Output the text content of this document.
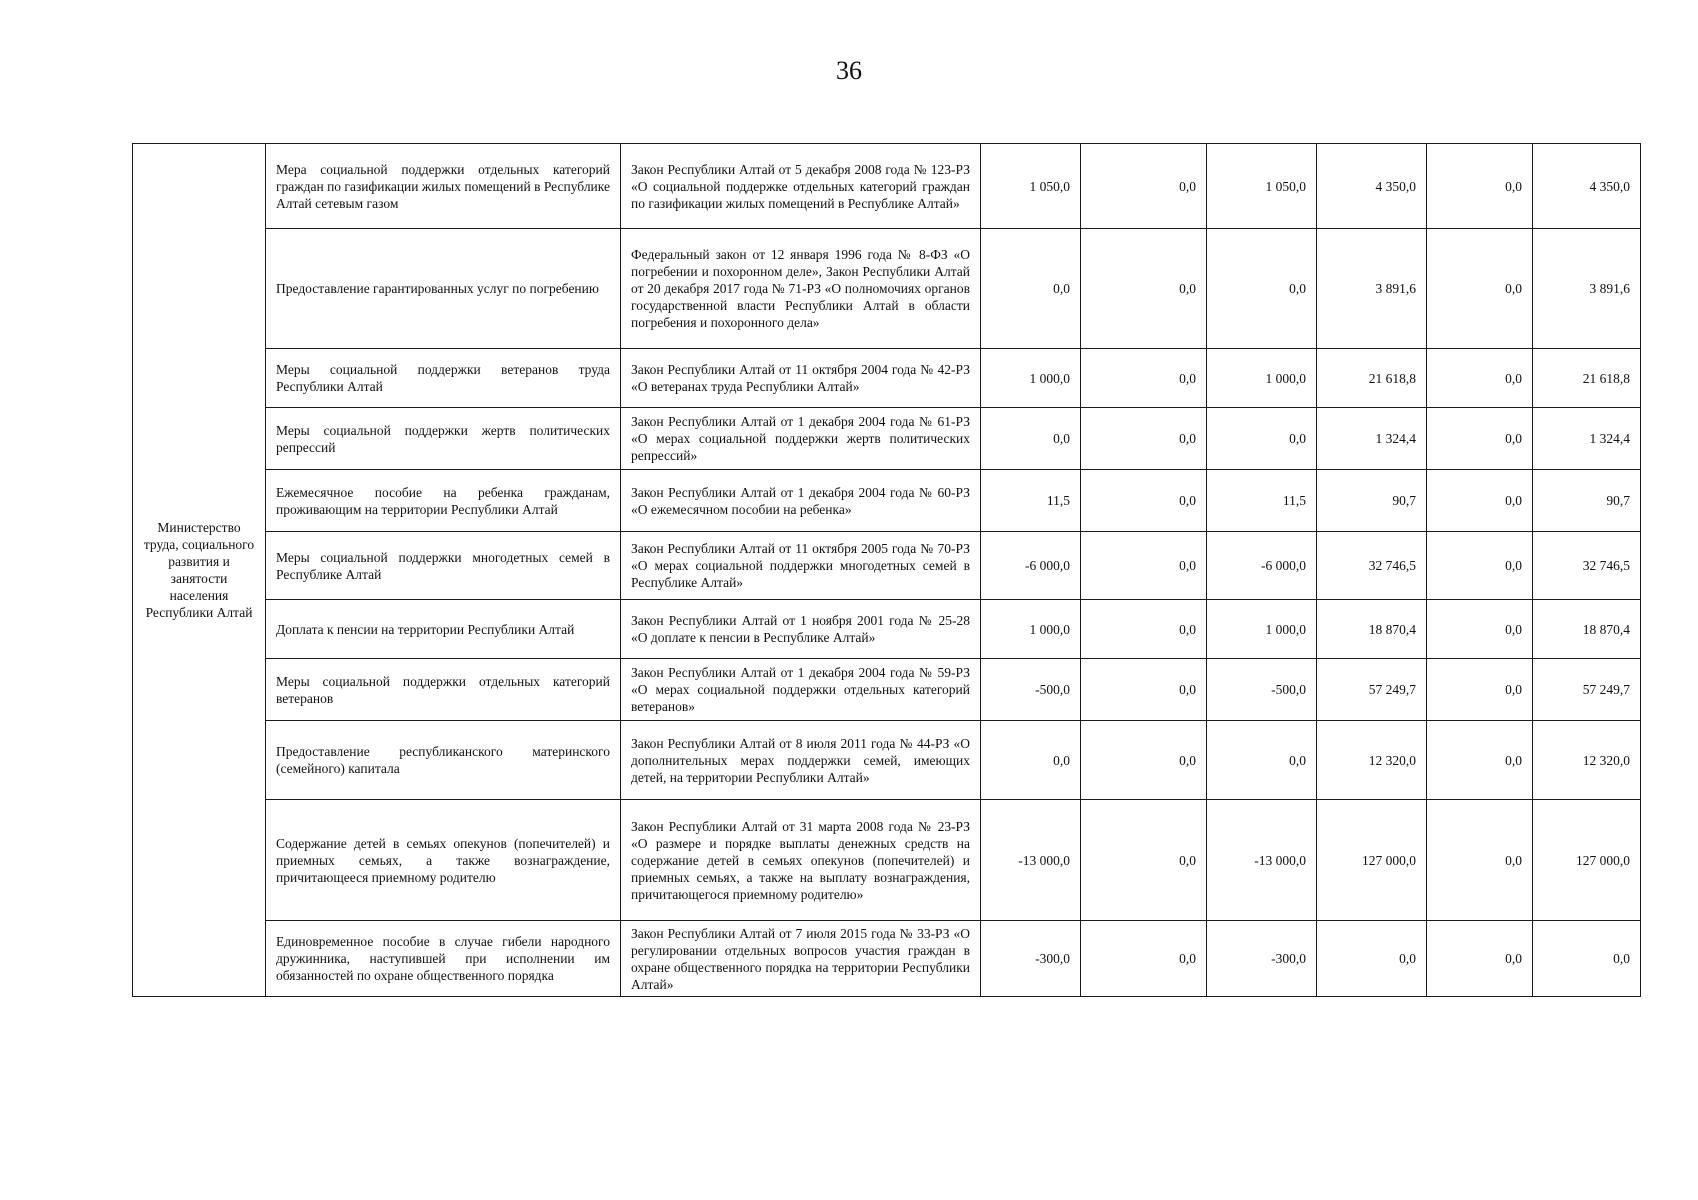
36
Министерство труда, социального развития и занятости населения Республики Алтай	Мера социальной поддержки отдельных категорий граждан по газификации жилых помещений в Республике Алтай сетевым газом	Закон Республики Алтай от 5 декабря 2008 года № 123-РЗ «О социальной поддержке отдельных категорий граждан по газификации жилых помещений в Республике Алтай»	1 050,0	0,0	1 050,0	4 350,0	0,0	4 350,0
	Предоставление гарантированных услуг по погребению	Федеральный закон от 12 января 1996 года № 8-ФЗ «О погребении и похоронном деле», Закон Республики Алтай от 20 декабря 2017 года № 71-РЗ «О полномочиях органов государственной власти Республики Алтай в области погребения и похоронного дела»	0,0	0,0	0,0	3 891,6	0,0	3 891,6
	Меры социальной поддержки ветеранов труда Республики Алтай	Закон Республики Алтай от 11 октября 2004 года № 42-РЗ «О ветеранах труда Республики Алтай»	1 000,0	0,0	1 000,0	21 618,8	0,0	21 618,8
	Меры социальной поддержки жертв политических репрессий	Закон Республики Алтай от 1 декабря 2004 года № 61-РЗ «О мерах социальной поддержки жертв политических репрессий»	0,0	0,0	0,0	1 324,4	0,0	1 324,4
	Ежемесячное пособие на ребенка гражданам, проживающим на территории Республики Алтай	Закон Республики Алтай от 1 декабря 2004 года № 60-РЗ «О ежемесячном пособии на ребенка»	11,5	0,0	11,5	90,7	0,0	90,7
	Меры социальной поддержки многодетных семей в Республике Алтай	Закон Республики Алтай от 11 октября 2005 года № 70-РЗ «О мерах социальной поддержки многодетных семей в Республике Алтай»	-6 000,0	0,0	-6 000,0	32 746,5	0,0	32 746,5
	Доплата к пенсии на территории Республики Алтай	Закон Республики Алтай от 1 ноября 2001 года № 25-28 «О доплате к пенсии в Республике Алтай»	1 000,0	0,0	1 000,0	18 870,4	0,0	18 870,4
	Меры социальной поддержки отдельных категорий ветеранов	Закон Республики Алтай от 1 декабря 2004 года № 59-РЗ «О мерах социальной поддержки отдельных категорий ветеранов»	-500,0	0,0	-500,0	57 249,7	0,0	57 249,7
	Предоставление республиканского материнского (семейного) капитала	Закон Республики Алтай от 8 июля 2011 года № 44-РЗ «О дополнительных мерах поддержки семей, имеющих детей, на территории Республики Алтай»	0,0	0,0	0,0	12 320,0	0,0	12 320,0
	Содержание детей в семьях опекунов (попечителей) и приемных семьях, а также вознаграждение, причитающееся приемному родителю	Закон Республики Алтай от 31 марта 2008 года № 23-РЗ «О размере и порядке выплаты денежных средств на содержание детей в семьях опекунов (попечителей) и приемных семьях, а также на выплату вознаграждения, причитающегося приемному родителю»	-13 000,0	0,0	-13 000,0	127 000,0	0,0	127 000,0
	Единовременное пособие в случае гибели народного дружинника, наступившей при исполнении им обязанностей по охране общественного порядка	Закон Республики Алтай от 7 июля 2015 года № 33-РЗ «О регулировании отдельных вопросов участия граждан в охране общественного порядка на территории Республики Алтай»	-300,0	0,0	-300,0	0,0	0,0	0,0
